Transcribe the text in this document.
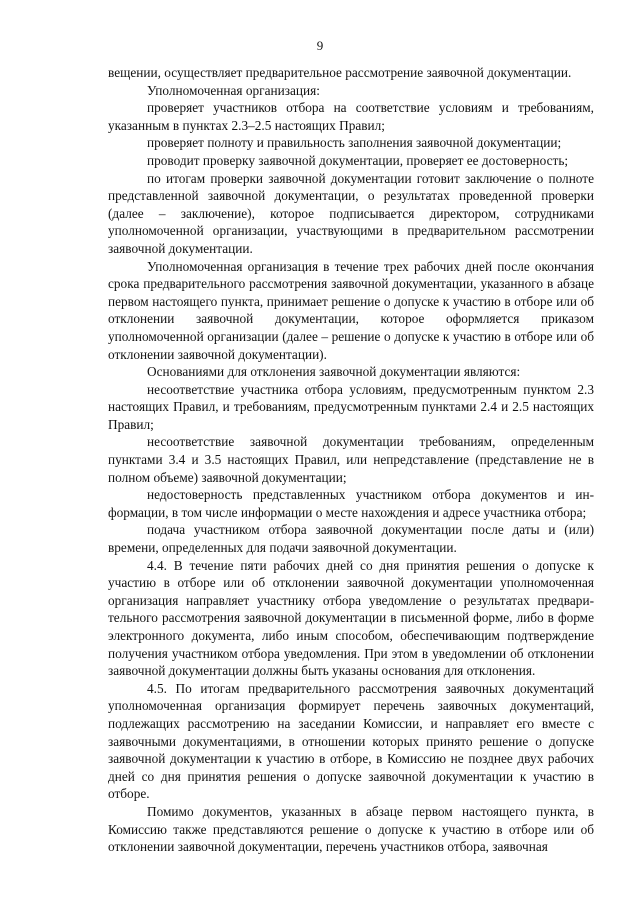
9

вещении, осуществляет предварительное рассмотрение заявочной документации.

Уполномоченная организация:

проверяет участников отбора на соответствие условиям и требованиям, указанным в пунктах 2.3–2.5 настоящих Правил;

проверяет полноту и правильность заполнения заявочной документации;

проводит проверку заявочной документации, проверяет ее достоверность;

по итогам проверки заявочной документации готовит заключение о полноте представленной заявочной документации, о результатах проведенной проверки (далее – заключение), которое подписывается директором, сотрудниками уполномоченной организации, участвующими в предварительном рассмотрении заявочной документации.

Уполномоченная организация в течение трех рабочих дней после окончания срока предварительного рассмотрения заявочной документации, указанного в абзаце первом настоящего пункта, принимает решение о допуске к участию в отборе или об отклонении заявочной документации, которое оформляется приказом уполномоченной организации (далее – решение о допуске к участию в отборе или об отклонении заявочной документации).

Основаниями для отклонения заявочной документации являются:

несоответствие участника отбора условиям, предусмотренным пунктом 2.3 настоящих Правил, и требованиям, предусмотренным пунктами 2.4 и 2.5 настоящих Правил;

несоответствие заявочной документации требованиям, определенным пунктами 3.4 и 3.5 настоящих Правил, или непредставление (представление не в полном объеме) заявочной документации;

недостоверность представленных участником отбора документов и информации, в том числе информации о месте нахождения и адресе участника отбора;

подача участником отбора заявочной документации после даты и (или) времени, определенных для подачи заявочной документации.

4.4. В течение пяти рабочих дней со дня принятия решения о допуске к участию в отборе или об отклонении заявочной документации уполномоченная организация направляет участнику отбора уведомление о результатах предварительного рассмотрения заявочной документации в письменной форме, либо в форме электронного документа, либо иным способом, обеспечивающим подтверждение получения участником отбора уведомления. При этом в уведомлении об отклонении заявочной документации должны быть указаны основания для отклонения.

4.5. По итогам предварительного рассмотрения заявочных документаций уполномоченная организация формирует перечень заявочных документаций, подлежащих рассмотрению на заседании Комиссии, и направляет его вместе с заявочными документациями, в отношении которых принято решение о допуске заявочной документации к участию в отборе, в Комиссию не позднее двух рабочих дней со дня принятия решения о допуске заявочной документации к участию в отборе.

Помимо документов, указанных в абзаце первом настоящего пункта, в Комиссию также представляются решение о допуске к участию в отборе или об отклонении заявочной документации, перечень участников отбора, заявочная
